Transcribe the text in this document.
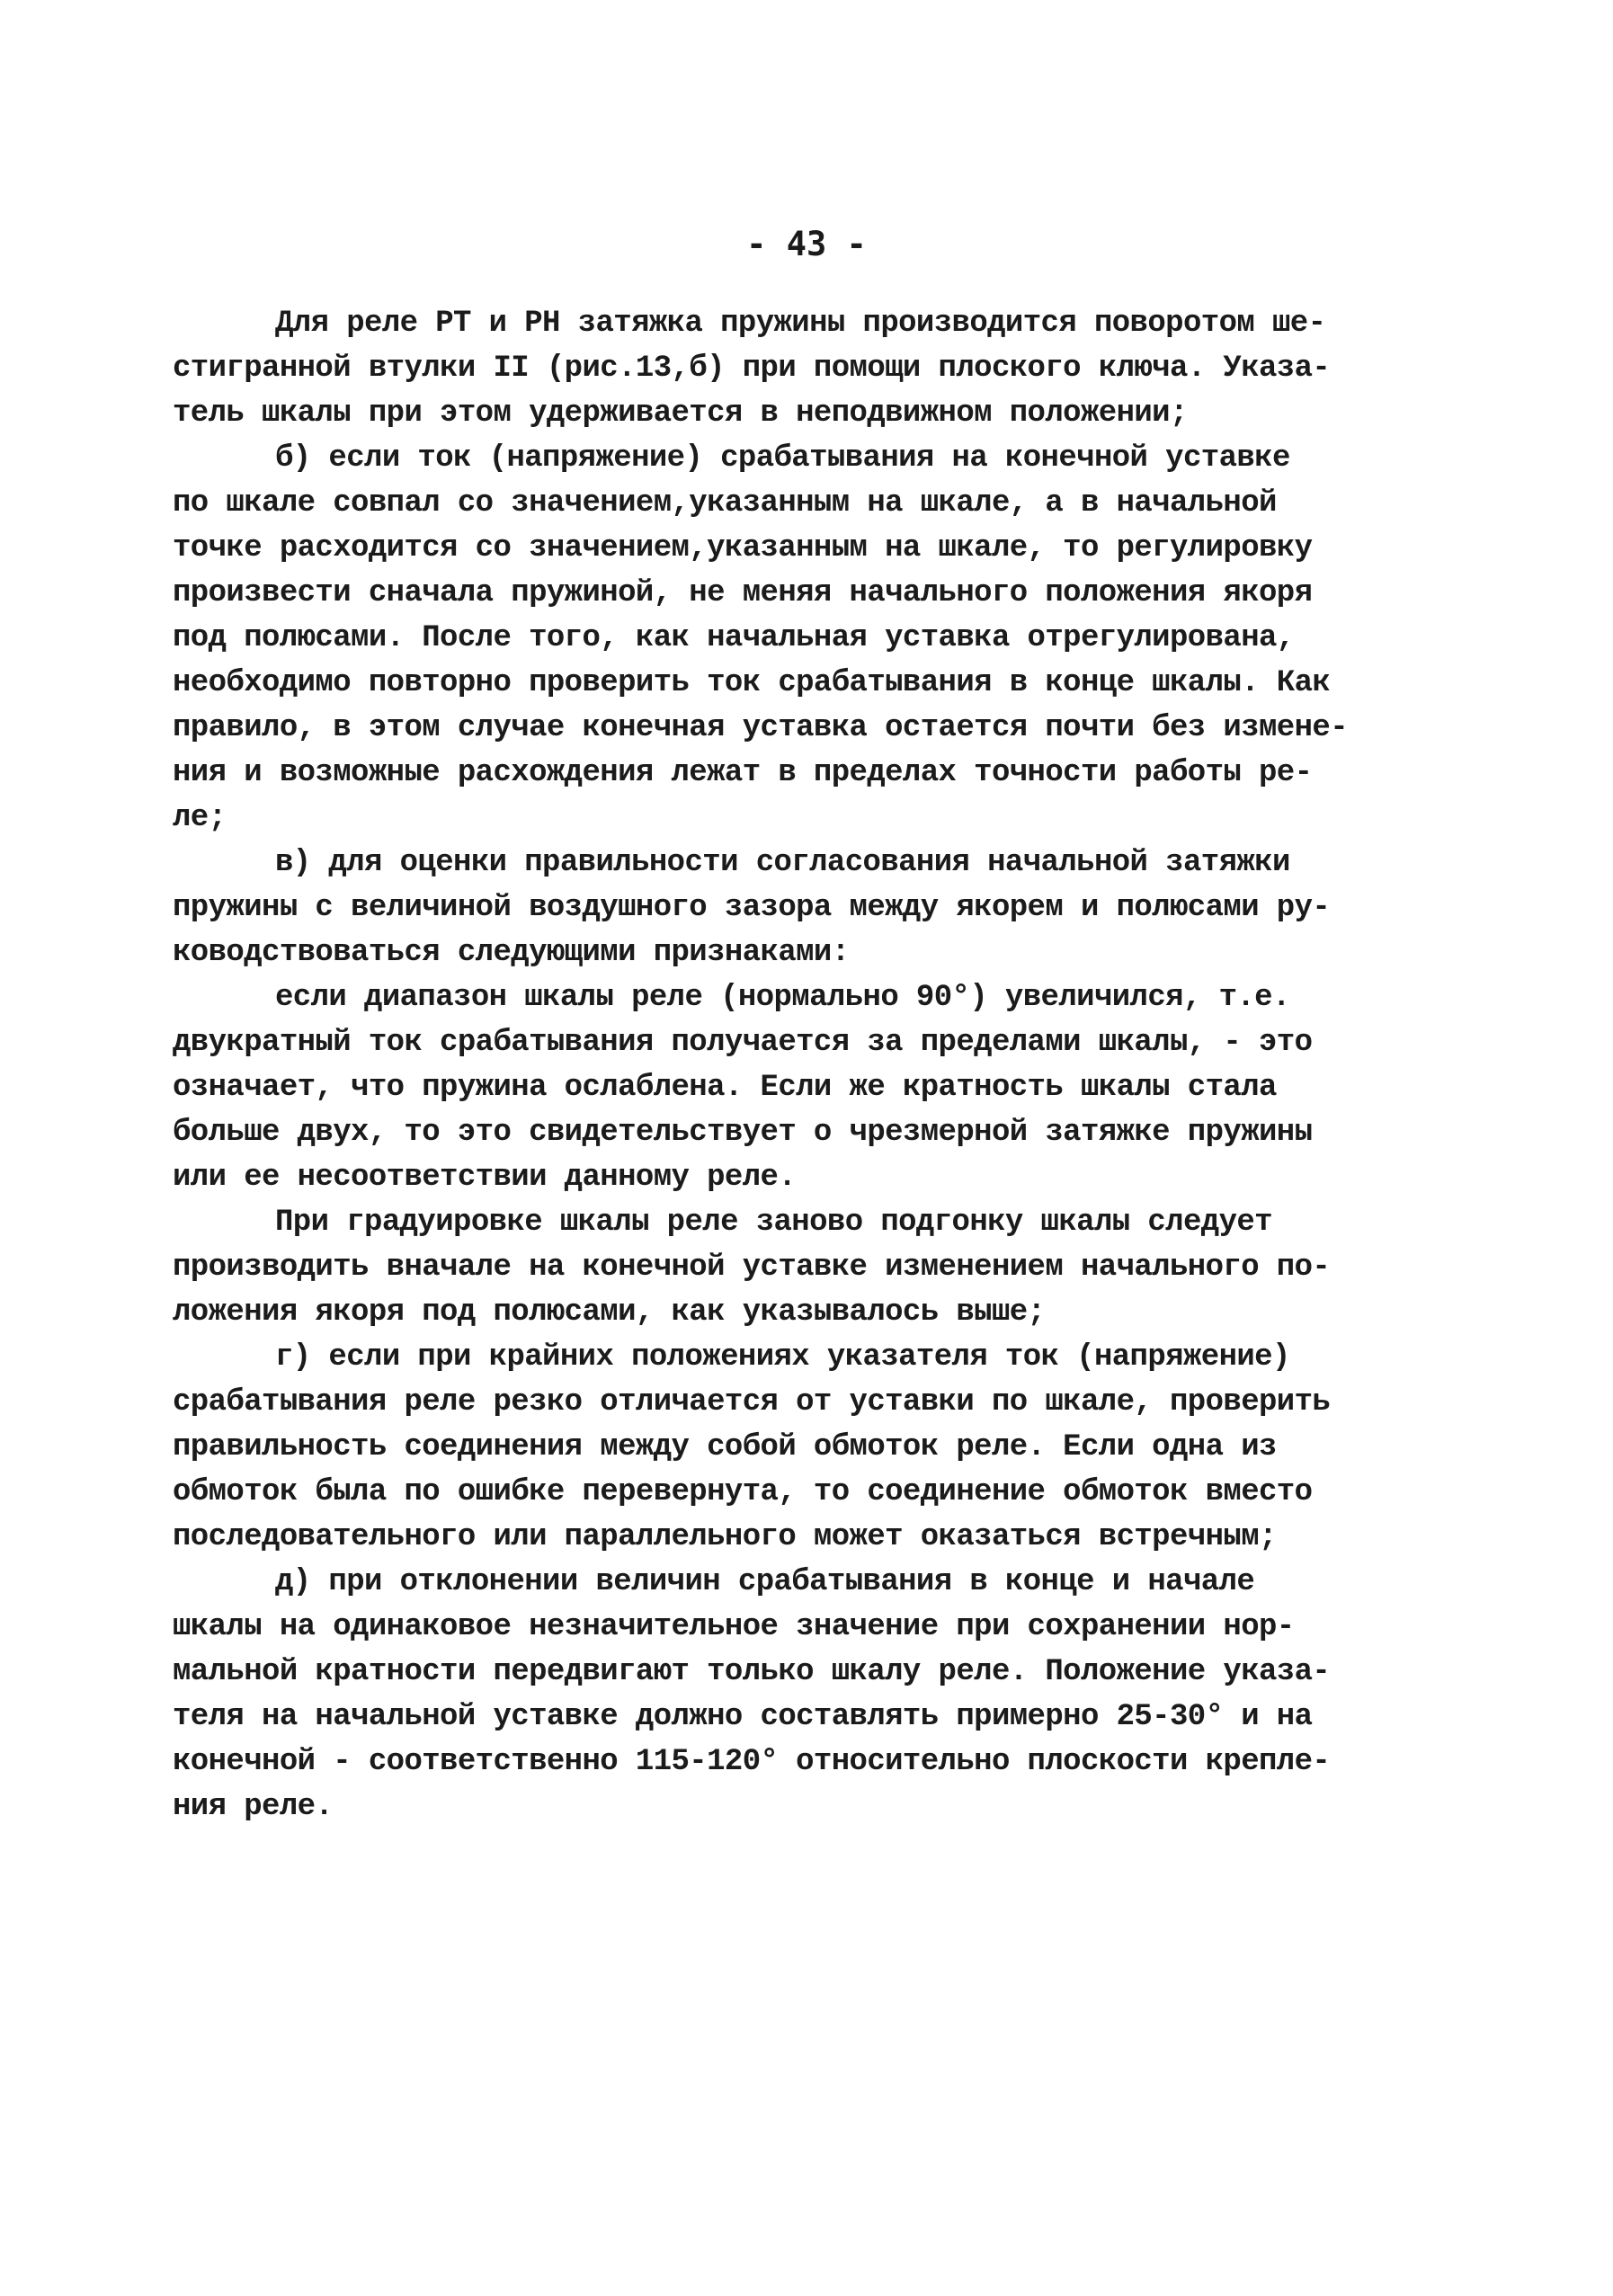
- 43 -
Для реле РТ и РН затяжка пружины производится поворотом ше-
стигранной втулки II (рис.13,б) при помощи плоского ключа. Указа-
тель шкалы при этом удерживается в неподвижном положении;
б) если ток (напряжение) срабатывания на конечной уставке
по шкале совпал со значением,указанным на шкале, а в начальной
точке расходится со значением,указанным на шкале, то регулировку
произвести сначала пружиной, не меняя начального положения якоря
под полюсами. После того, как начальная уставка отрегулирована,
необходимо повторно проверить ток срабатывания в конце шкалы. Как
правило, в этом случае конечная уставка остается почти без измене-
ния и возможные расхождения лежат в пределах точности работы ре-
ле;
в) для оценки правильности согласования начальной затяжки
пружины с величиной воздушного зазора между якорем и полюсами ру-
ководствоваться следующими признаками:
если диапазон шкалы реле (нормально 90°) увеличился, т.е.
двукратный ток срабатывания получается за пределами шкалы, - это
означает, что пружина ослаблена. Если же кратность шкалы стала
больше двух, то это свидетельствует о чрезмерной затяжке пружины
или ее несоответствии данному реле.
При градуировке шкалы реле заново подгонку шкалы следует
производить вначале на конечной уставке изменением начального по-
ложения якоря под полюсами, как указывалось выше;
г) если при крайних положениях указателя ток (напряжение)
срабатывания реле резко отличается от уставки по шкале, проверить
правильность соединения между собой обмоток реле. Если одна из
обмоток была по ошибке перевернута, то соединение обмоток вместо
последовательного или параллельного может оказаться встречным;
д) при отклонении величин срабатывания в конце и начале
шкалы на одинаковое незначительное значение при сохранении нор-
мальной кратности передвигают только шкалу реле. Положение указа-
теля на начальной уставке должно составлять примерно 25-30° и на
конечной - соответственно 115-120° относительно плоскости крепле-
ния реле.
